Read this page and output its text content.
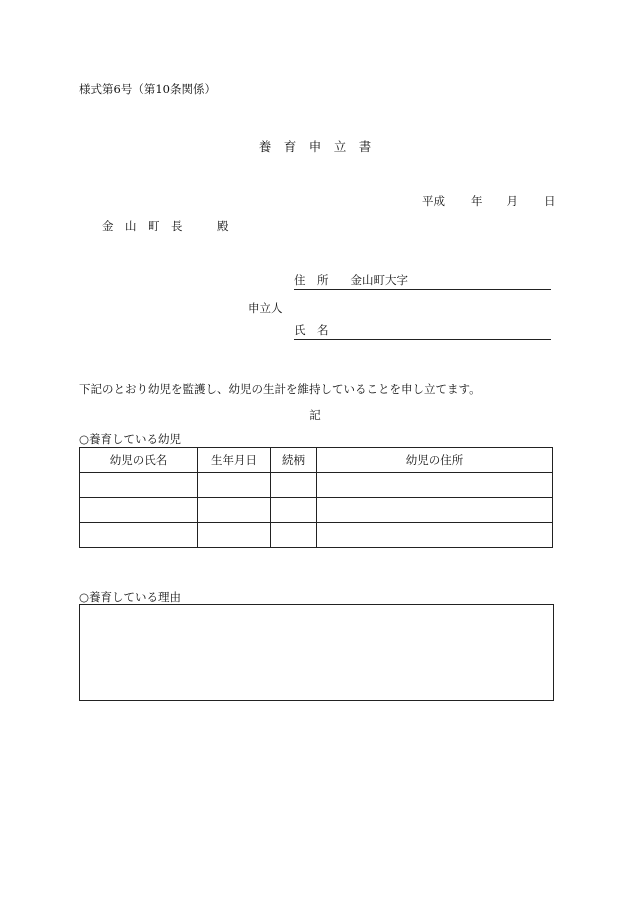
様式第6号（第10条関係）
養　育　申　立　書
平成 年 月 日
金　山　町　長　　　殿
住　所 金山町大字
申立人
氏　名
下記のとおり幼児を監護し、幼児の生計を維持していることを申し立てます。
記
○養育している幼児
幼児の氏名	生年月日	続柄	幼児の住所

○養育している理由
